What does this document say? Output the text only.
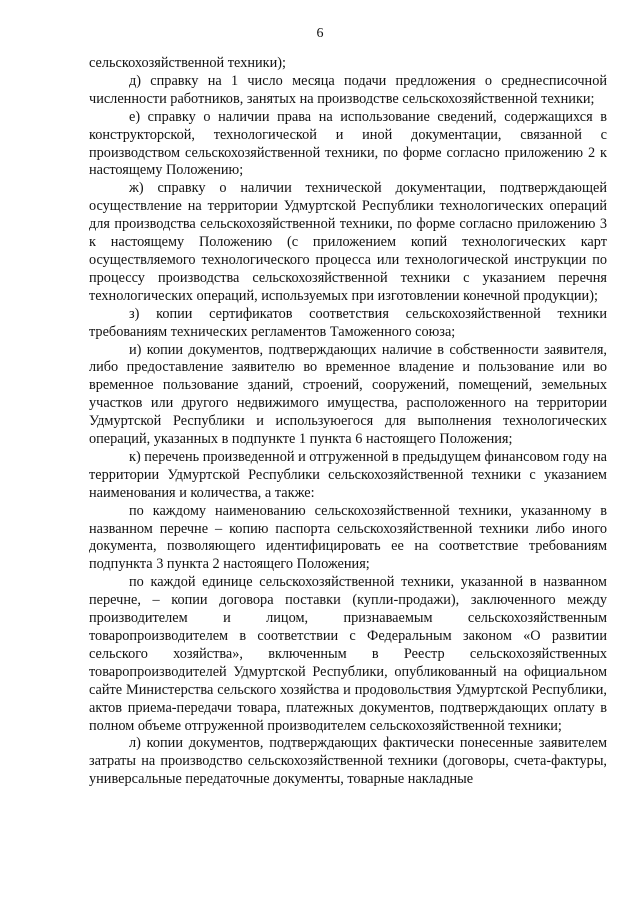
6

сельскохозяйственной техники);

д) справку на 1 число месяца подачи предложения о среднесписочной численности работников, занятых на производстве сельскохозяйственной техники;

е) справку о наличии права на использование сведений, содержащихся в конструкторской, технологической и иной документации, связанной с производством сельскохозяйственной техники, по форме согласно приложению 2 к настоящему Положению;

ж) справку о наличии технической документации, подтверждающей осуществление на территории Удмуртской Республики технологических операций для производства сельскохозяйственной техники, по форме согласно приложению 3 к настоящему Положению (с приложением копий технологических карт осуществляемого технологического процесса или технологической инструкции по процессу производства сельскохозяйственной техники с указанием перечня технологических операций, используемых при изготовлении конечной продукции);

з) копии сертификатов соответствия сельскохозяйственной техники требованиям технических регламентов Таможенного союза;

и) копии документов, подтверждающих наличие в собственности заявителя, либо предоставление заявителю во временное владение и пользование или во временное пользование зданий, строений, сооружений, помещений, земельных участков или другого недвижимого имущества, расположенного на территории Удмуртской Республики и используюегося для выполнения технологических операций, указанных в подпункте 1 пункта 6 настоящего Положения;

к) перечень произведенной и отгруженной в предыдущем финансовом году на территории Удмуртской Республики сельскохозяйственной техники с указанием наименования и количества, а также:

по каждому наименованию сельскохозяйственной техники, указанному в названном перечне – копию паспорта сельскохозяйственной техники либо иного документа, позволяющего идентифицировать ее на соответствие требованиям подпункта 3 пункта 2 настоящего Положения;

по каждой единице сельскохозяйственной техники, указанной в названном перечне, – копии договора поставки (купли-продажи), заключенного между производителем и лицом, признаваемым сельскохозяйственным товаропроизводителем в соответствии с Федеральным законом «О развитии сельского хозяйства», включенным в Реестр сельскохозяйственных товаропроизводителей Удмуртской Республики, опубликованный на официальном сайте Министерства сельского хозяйства и продовольствия Удмуртской Республики, актов приема-передачи товара, платежных документов, подтверждающих оплату в полном объеме отгруженной производителем сельскохозяйственной техники;

л) копии документов, подтверждающих фактически понесенные заявителем затраты на производство сельскохозяйственной техники (договоры, счета-фактуры, универсальные передаточные документы, товарные накладные
